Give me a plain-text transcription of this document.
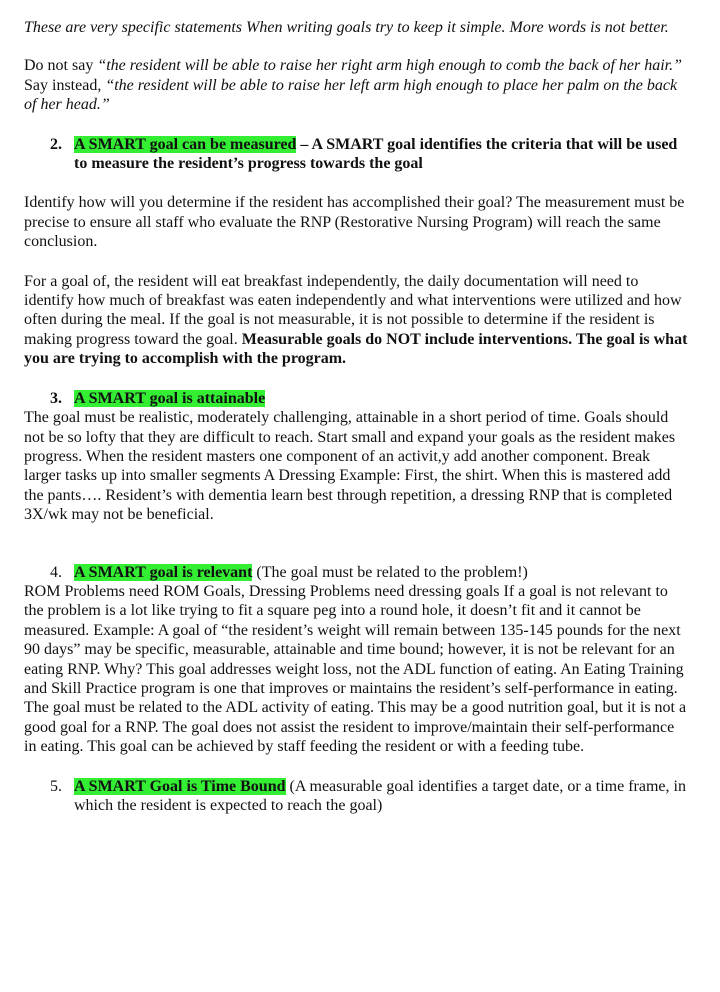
These are very specific statements When writing goals try to keep it simple. More words is not better.

Do not say “the resident will be able to raise her right arm high enough to comb the back of her hair.”

Say instead, “the resident will be able to raise her left arm high enough to place her palm on the back of her head.”

2. A SMART goal can be measured – A SMART goal identifies the criteria that will be used to measure the resident’s progress towards the goal

Identify how will you determine if the resident has accomplished their goal? The measurement must be precise to ensure all staff who evaluate the RNP (Restorative Nursing Program) will reach the same conclusion.

For a goal of, the resident will eat breakfast independently, the daily documentation will need to identify how much of breakfast was eaten independently and what interventions were utilized and how often during the meal. If the goal is not measurable, it is not possible to determine if the resident is making progress toward the goal. Measurable goals do NOT include interventions. The goal is what you are trying to accomplish with the program.

3. A SMART goal is attainable

The goal must be realistic, moderately challenging, attainable in a short period of time. Goals should not be so lofty that they are difficult to reach. Start small and expand your goals as the resident makes progress. When the resident masters one component of an activit,y add another component. Break larger tasks up into smaller segments A Dressing Example: First, the shirt. When this is mastered add the pants…. Resident’s with dementia learn best through repetition, a dressing RNP that is completed 3X/wk may not be beneficial.

4. A SMART goal is relevant (The goal must be related to the problem!)

ROM Problems need ROM Goals, Dressing Problems need dressing goals If a goal is not relevant to the problem is a lot like trying to fit a square peg into a round hole, it doesn’t fit and it cannot be measured. Example: A goal of “the resident’s weight will remain between 135-145 pounds for the next 90 days” may be specific, measurable, attainable and time bound; however, it is not be relevant for an eating RNP. Why? This goal addresses weight loss, not the ADL function of eating. An Eating Training and Skill Practice program is one that improves or maintains the resident’s self-performance in eating. The goal must be related to the ADL activity of eating. This may be a good nutrition goal, but it is not a good goal for a RNP. The goal does not assist the resident to improve/maintain their self-performance in eating. This goal can be achieved by staff feeding the resident or with a feeding tube.

5. A SMART Goal is Time Bound (A measurable goal identifies a target date, or a time frame, in which the resident is expected to reach the goal)
